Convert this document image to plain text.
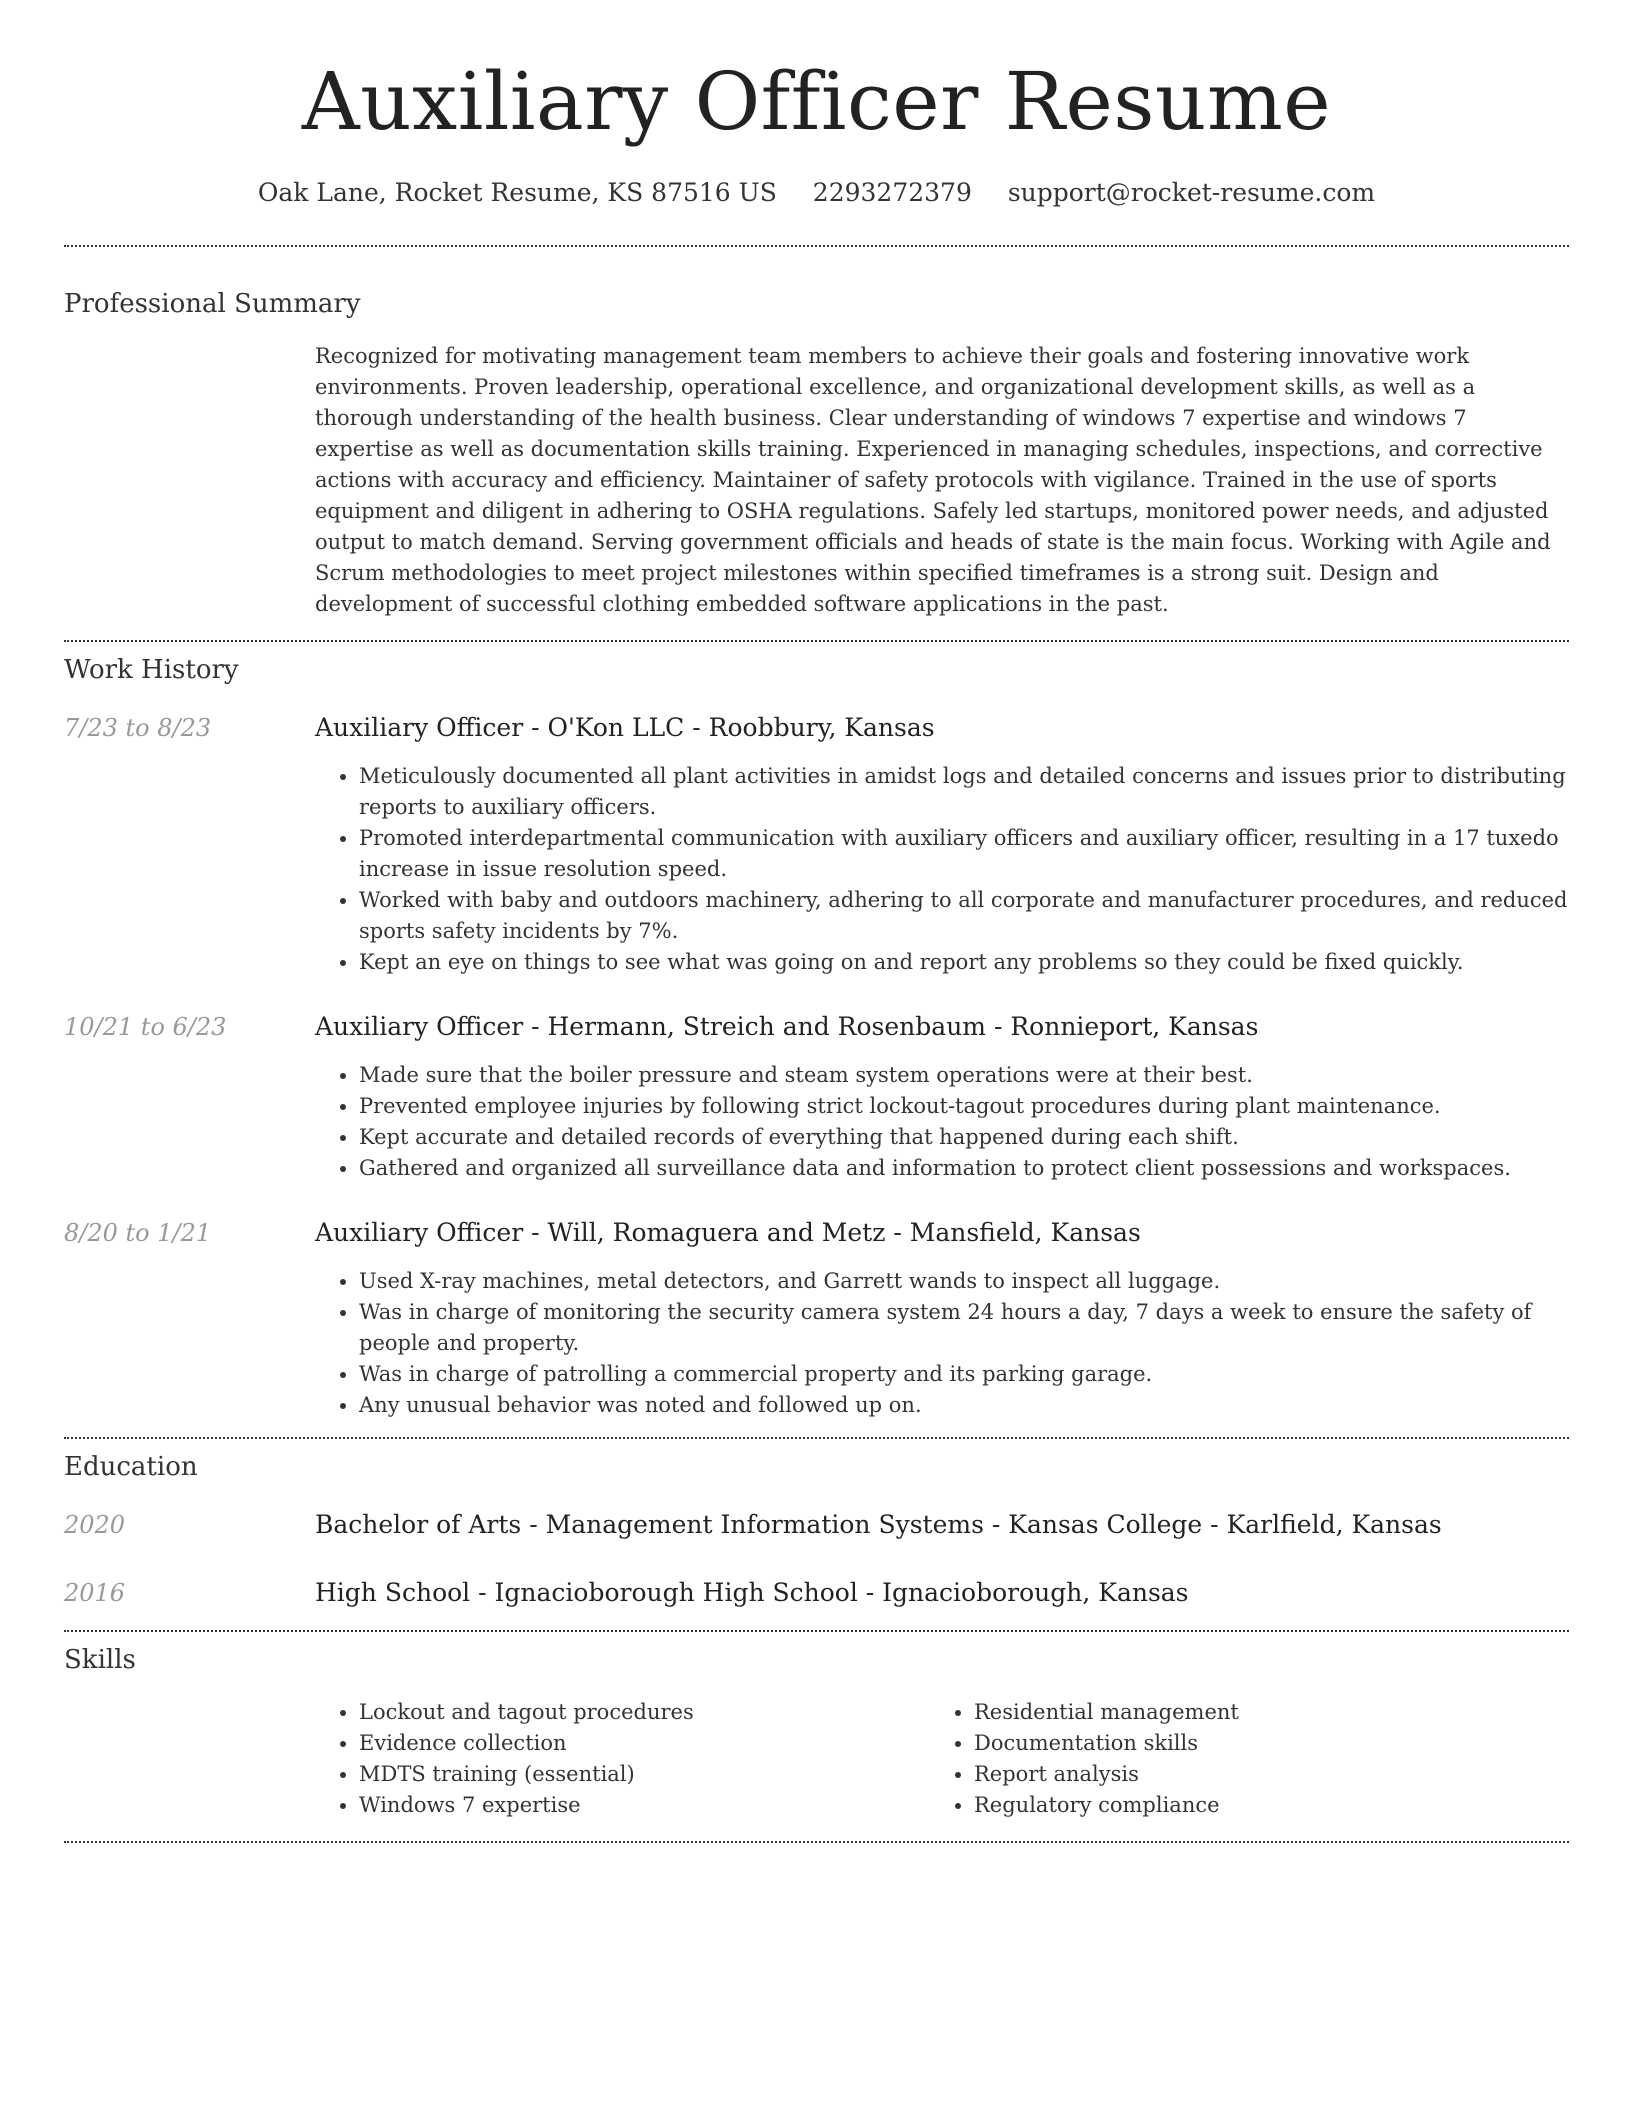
Auxiliary Officer Resume
Oak Lane, Rocket Resume, KS 87516 US 2293272379 support@rocket-resume.com
Professional Summary
Recognized for motivating management team members to achieve their goals and fostering innovative work environments. Proven leadership, operational excellence, and organizational development skills, as well as a thorough understanding of the health business. Clear understanding of windows 7 expertise and windows 7 expertise as well as documentation skills training. Experienced in managing schedules, inspections, and corrective actions with accuracy and efficiency. Maintainer of safety protocols with vigilance. Trained in the use of sports equipment and diligent in adhering to OSHA regulations. Safely led startups, monitored power needs, and adjusted output to match demand. Serving government officials and heads of state is the main focus. Working with Agile and Scrum methodologies to meet project milestones within specified timeframes is a strong suit. Design and development of successful clothing embedded software applications in the past.
Work History
7/23 to 8/23	Auxiliary Officer - O'Kon LLC - Roobbury, Kansas
• Meticulously documented all plant activities in amidst logs and detailed concerns and issues prior to distributing reports to auxiliary officers.
• Promoted interdepartmental communication with auxiliary officers and auxiliary officer, resulting in a 17 tuxedo increase in issue resolution speed.
• Worked with baby and outdoors machinery, adhering to all corporate and manufacturer procedures, and reduced sports safety incidents by 7%.
• Kept an eye on things to see what was going on and report any problems so they could be fixed quickly.
10/21 to 6/23	Auxiliary Officer - Hermann, Streich and Rosenbaum - Ronnieport, Kansas
• Made sure that the boiler pressure and steam system operations were at their best.
• Prevented employee injuries by following strict lockout-tagout procedures during plant maintenance.
• Kept accurate and detailed records of everything that happened during each shift.
• Gathered and organized all surveillance data and information to protect client possessions and workspaces.
8/20 to 1/21	Auxiliary Officer - Will, Romaguera and Metz - Mansfield, Kansas
• Used X-ray machines, metal detectors, and Garrett wands to inspect all luggage.
• Was in charge of monitoring the security camera system 24 hours a day, 7 days a week to ensure the safety of people and property.
• Was in charge of patrolling a commercial property and its parking garage.
• Any unusual behavior was noted and followed up on.
Education
2020	Bachelor of Arts - Management Information Systems - Kansas College - Karlfield, Kansas
2016	High School - Ignacioborough High School - Ignacioborough, Kansas
Skills
• Lockout and tagout procedures
• Evidence collection
• MDTS training (essential)
• Windows 7 expertise
• Residential management
• Documentation skills
• Report analysis
• Regulatory compliance
